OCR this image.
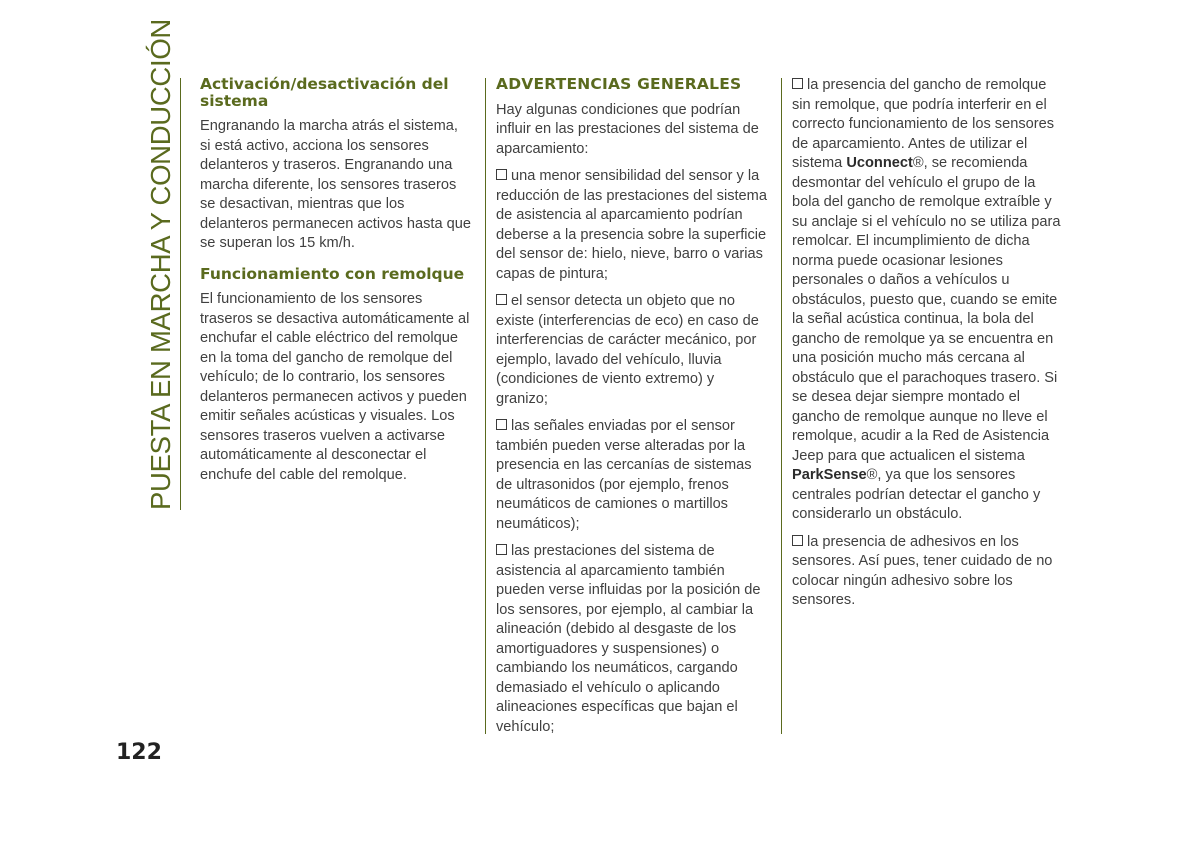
PUESTA EN MARCHA Y CONDUCCIÓN Activación/desactivación del sistema

Engranando la marcha atrás el sistema, si está activo, acciona los sensores delanteros y traseros. Engranando una marcha diferente, los sensores traseros se desactivan, mientras que los delanteros permanecen activos hasta que se superan los 15 km/h.

Funcionamiento con remolque

El funcionamiento de los sensores traseros se desactiva automáticamente al enchufar el cable eléctrico del remolque en la toma del gancho de remolque del vehículo; de lo contrario, los sensores delanteros permanecen activos y pueden emitir señales acústicas y visuales. Los sensores traseros vuelven a activarse automáticamente al desconectar el enchufe del cable del remolque.

ADVERTENCIAS GENERALES

Hay algunas condiciones que podrían influir en las prestaciones del sistema de aparcamiento:

una menor sensibilidad del sensor y la reducción de las prestaciones del sistema de asistencia al aparcamiento podrían deberse a la presencia sobre la superficie del sensor de: hielo, nieve, barro o varias capas de pintura;

el sensor detecta un objeto que no existe (interferencias de eco) en caso de interferencias de carácter mecánico, por ejemplo, lavado del vehículo, lluvia (condiciones de viento extremo) y granizo;

las señales enviadas por el sensor también pueden verse alteradas por la presencia en las cercanías de sistemas de ultrasonidos (por ejemplo, frenos neumáticos de camiones o martillos neumáticos);

las prestaciones del sistema de asistencia al aparcamiento también pueden verse influidas por la posición de los sensores, por ejemplo, al cambiar la alineación (debido al desgaste de los amortiguadores y suspensiones) o cambiando los neumáticos, cargando demasiado el vehículo o aplicando alineaciones específicas que bajan el vehículo;

la presencia del gancho de remolque sin remolque, que podría interferir en el correcto funcionamiento de los sensores de aparcamiento. Antes de utilizar el sistema Uconnect®, se recomienda desmontar del vehículo el grupo de la bola del gancho de remolque extraíble y su anclaje si el vehículo no se utiliza para remolcar. El incumplimiento de dicha norma puede ocasionar lesiones personales o daños a vehículos u obstáculos, puesto que, cuando se emite la señal acústica continua, la bola del gancho de remolque ya se encuentra en una posición mucho más cercana al obstáculo que el parachoques trasero. Si se desea dejar siempre montado el gancho de remolque aunque no lleve el remolque, acudir a la Red de Asistencia Jeep para que actualicen el sistema ParkSense®, ya que los sensores centrales podrían detectar el gancho y considerarlo un obstáculo.

la presencia de adhesivos en los sensores. Así pues, tener cuidado de no colocar ningún adhesivo sobre los sensores.

122
